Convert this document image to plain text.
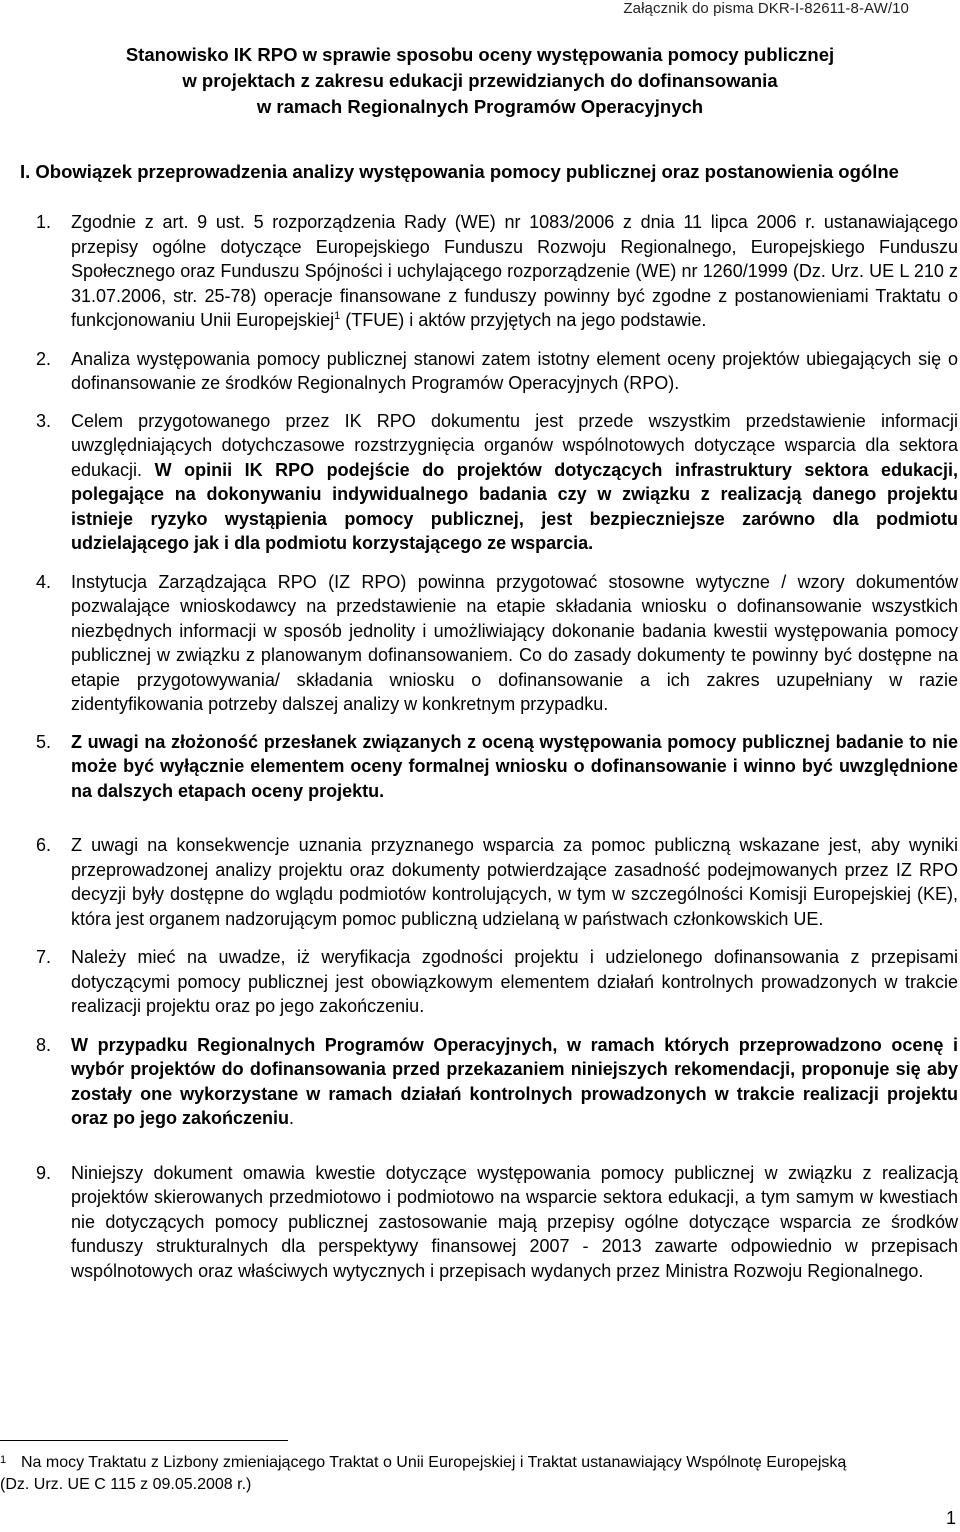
Załącznik do pisma DKR-I-82611-8-AW/10
Stanowisko IK RPO w sprawie sposobu oceny występowania pomocy publicznej
w projektach z zakresu edukacji przewidzianych do dofinansowania
w ramach Regionalnych Programów Operacyjnych
I. Obowiązek przeprowadzenia analizy występowania pomocy publicznej oraz postanowienia ogólne
1. Zgodnie z art. 9 ust. 5 rozporządzenia Rady (WE) nr 1083/2006 z dnia 11 lipca 2006 r. ustanawiającego przepisy ogólne dotyczące Europejskiego Funduszu Rozwoju Regionalnego, Europejskiego Funduszu Społecznego oraz Funduszu Spójności i uchylającego rozporządzenie (WE) nr 1260/1999 (Dz. Urz. UE L 210 z 31.07.2006, str. 25-78) operacje finansowane z funduszy powinny być zgodne z postanowieniami Traktatu o funkcjonowaniu Unii Europejskiej$^1$ (TFUE) i aktów przyjętych na jego podstawie.

2. Analiza występowania pomocy publicznej stanowi zatem istotny element oceny projektów ubiegających się o dofinansowanie ze środków Regionalnych Programów Operacyjnych (RPO).

3. Celem przygotowanego przez IK RPO dokumentu jest przede wszystkim przedstawienie informacji uwzględniających dotychczasowe rozstrzygnięcia organów wspólnotowych dotyczące wsparcia dla sektora edukacji. W opinii IK RPO podejście do projektów dotyczących infrastruktury sektora edukacji, polegające na dokonywaniu indywidualnego badania czy w związku z realizacją danego projektu istnieje ryzyko wystąpienia pomocy publicznej, jest bezpieczniejsze zarówno dla podmiotu udzielającego jak i dla podmiotu korzystającego ze wsparcia.

4. Instytucja Zarządzająca RPO (IZ RPO) powinna przygotować stosowne wytyczne / wzory dokumentów pozwalające wnioskodawcy na przedstawienie na etapie składania wniosku o dofinansowanie wszystkich niezbędnych informacji w sposób jednolity i umożliwiający dokonanie badania kwestii występowania pomocy publicznej w związku z planowanym dofinansowaniem. Co do zasady dokumenty te powinny być dostępne na etapie przygotowywania/ składania wniosku o dofinansowanie a ich zakres uzupełniany w razie zidentyfikowania potrzeby dalszej analizy w konkretnym przypadku.

5. Z uwagi na złożoność przesłanek związanych z oceną występowania pomocy publicznej badanie to nie może być wyłącznie elementem oceny formalnej wniosku o dofinansowanie i winno być uwzględnione na dalszych etapach oceny projektu.

6. Z uwagi na konsekwencje uznania przyznanego wsparcia za pomoc publiczną wskazane jest, aby wyniki przeprowadzonej analizy projektu oraz dokumenty potwierdzające zasadność podejmowanych przez IZ RPO decyzji były dostępne do wglądu podmiotów kontrolujących, w tym w szczególności Komisji Europejskiej (KE), która jest organem nadzorującym pomoc publiczną udzielaną w państwach członkowskich UE.

7. Należy mieć na uwadze, iż weryfikacja zgodności projektu i udzielonego dofinansowania z przepisami dotyczącymi pomocy publicznej jest obowiązkowym elementem działań kontrolnych prowadzonych w trakcie realizacji projektu oraz po jego zakończeniu.

8. W przypadku Regionalnych Programów Operacyjnych, w ramach których przeprowadzono ocenę i wybór projektów do dofinansowania przed przekazaniem niniejszych rekomendacji, proponuje się aby zostały one wykorzystane w ramach działań kontrolnych prowadzonych w trakcie realizacji projektu oraz po jego zakończeniu.

9. Niniejszy dokument omawia kwestie dotyczące występowania pomocy publicznej w związku z realizacją projektów skierowanych przedmiotowo i podmiotowo na wsparcie sektora edukacji, a tym samym w kwestiach nie dotyczących pomocy publicznej zastosowanie mają przepisy ogólne dotyczące wsparcia ze środków funduszy strukturalnych dla perspektywy finansowej 2007 - 2013 zawarte odpowiednio w przepisach wspólnotowych oraz właściwych wytycznych i przepisach wydanych przez Ministra Rozwoju Regionalnego.

1 Na mocy Traktatu z Lizbony zmieniającego Traktat o Unii Europejskiej i Traktat ustanawiający Wspólnotę Europejską

(Dz. Urz. UE C 115 z 09.05.2008 r.)

1
